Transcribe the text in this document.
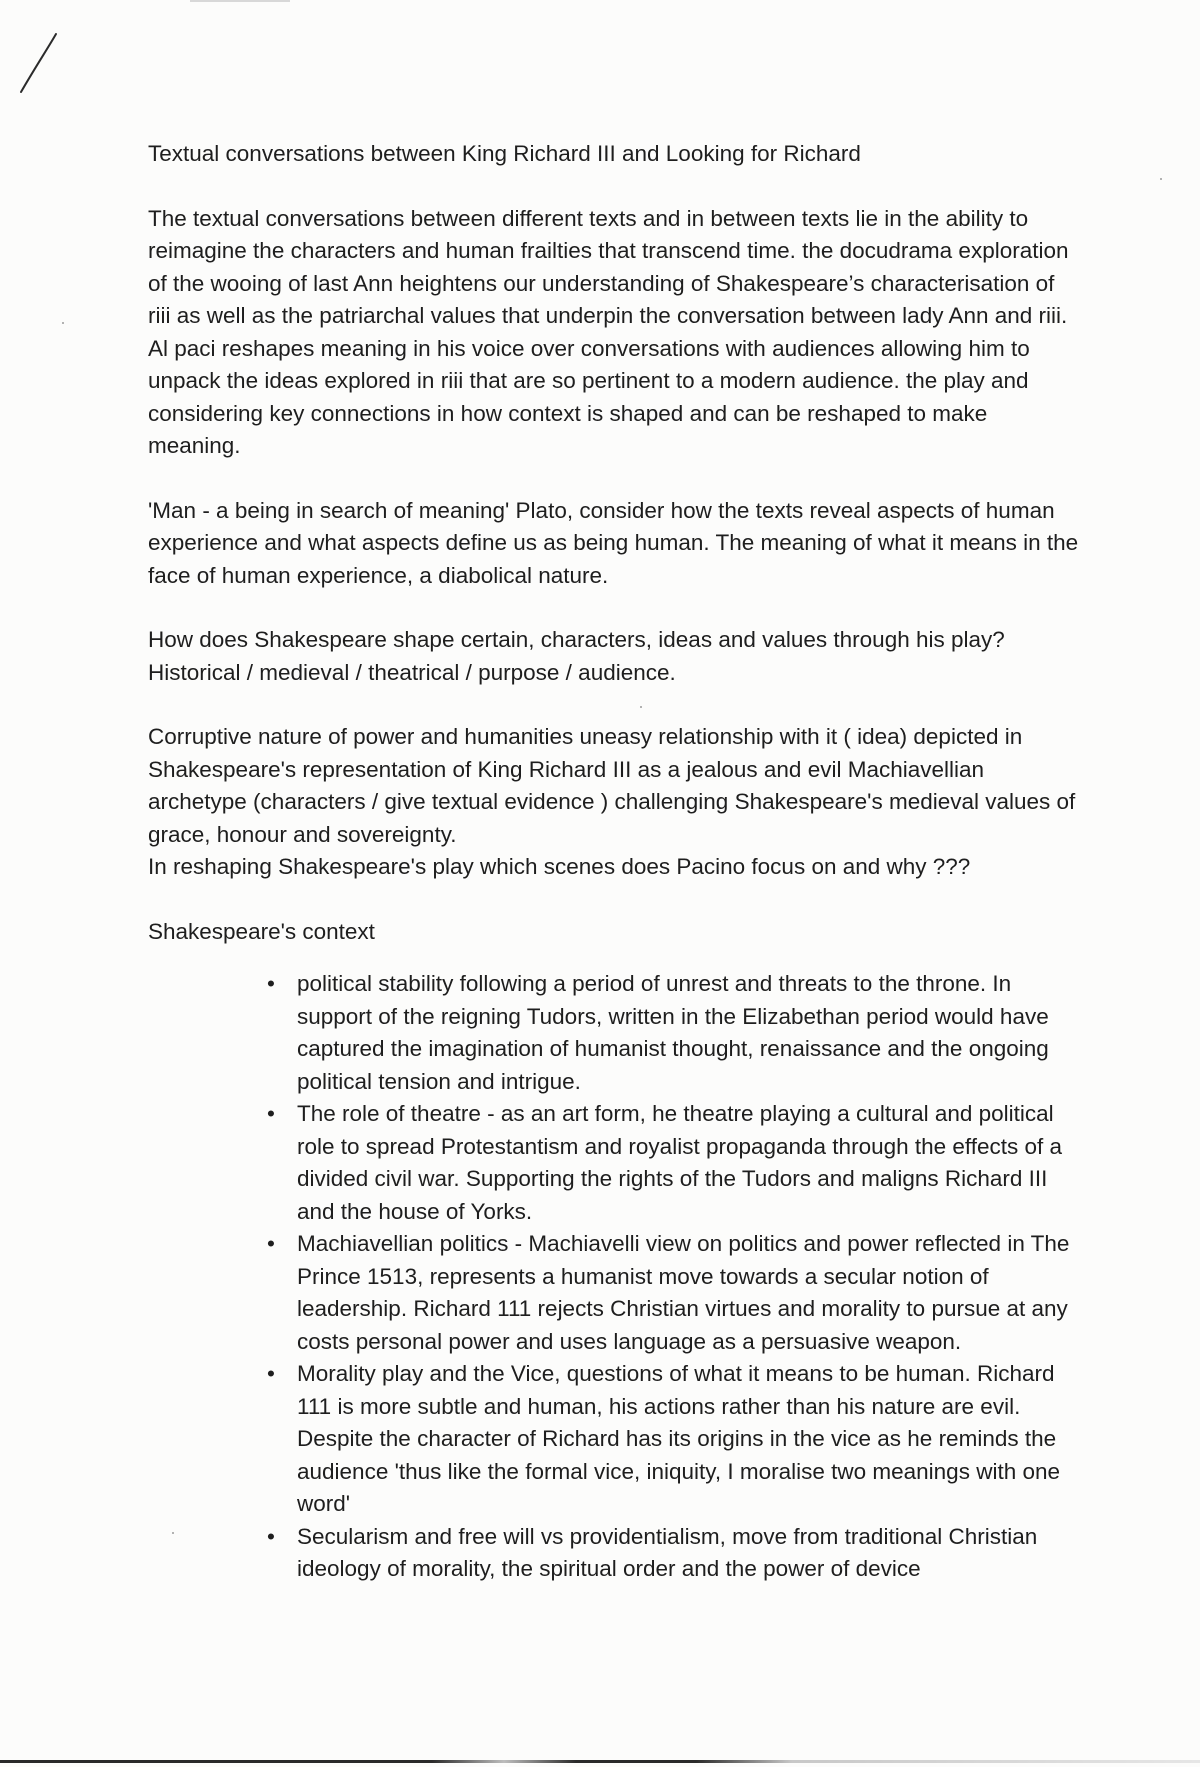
Textual conversations between King Richard III and Looking for Richard

The textual conversations between different texts and in between texts lie in the ability to reimagine the characters and human frailties that transcend time. the docudrama exploration of the wooing of last Ann heightens our understanding of Shakespeare’s characterisation of riii as well as the patriarchal values that underpin the conversation between lady Ann and riii. Al paci reshapes meaning in his voice over conversations with audiences allowing him to unpack the ideas explored in riii that are so pertinent to a modern audience. the play and considering key connections in how context is shaped and can be reshaped to make meaning.

'Man - a being in search of meaning' Plato, consider how the texts reveal aspects of human experience and what aspects define us as being human. The meaning of what it means in the face of human experience, a diabolical nature.

How does Shakespeare shape certain, characters, ideas and values through his play? Historical / medieval / theatrical / purpose / audience.

Corruptive nature of power and humanities uneasy relationship with it ( idea) depicted in Shakespeare's representation of King Richard III as a jealous and evil Machiavellian archetype (characters / give textual evidence ) challenging Shakespeare's medieval values of grace, honour and sovereignty.

In reshaping Shakespeare's play which scenes does Pacino focus on and why ???

Shakespeare's context

• political stability following a period of unrest and threats to the throne. In support of the reigning Tudors, written in the Elizabethan period would have captured the imagination of humanist thought, renaissance and the ongoing political tension and intrigue.
• The role of theatre - as an art form, he theatre playing a cultural and political role to spread Protestantism and royalist propaganda through the effects of a divided civil war. Supporting the rights of the Tudors and maligns Richard III and the house of Yorks.
• Machiavellian politics - Machiavelli view on politics and power reflected in The Prince 1513, represents a humanist move towards a secular notion of leadership. Richard 111 rejects Christian virtues and morality to pursue at any costs personal power and uses language as a persuasive weapon.
• Morality play and the Vice, questions of what it means to be human. Richard 111 is more subtle and human, his actions rather than his nature are evil. Despite the character of Richard has its origins in the vice as he reminds the audience 'thus like the formal vice, iniquity, I moralise two meanings with one word'
• Secularism and free will vs providentialism, move from traditional Christian ideology of morality, the spiritual order and the power of device
